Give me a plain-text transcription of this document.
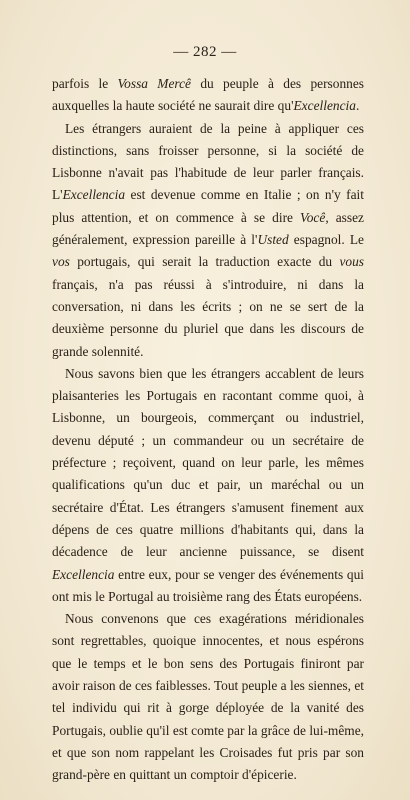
— 282 —

parfois le Vossa Mercê du peuple à des personnes auxquelles la haute société ne saurait dire qu'Excellencia.

Les étrangers auraient de la peine à appliquer ces distinctions, sans froisser personne, si la société de Lisbonne n'avait pas l'habitude de leur parler français. L'Excellencia est devenue comme en Italie ; on n'y fait plus attention, et on commence à se dire Você, assez généralement, expression pareille à l'Usted espagnol. Le vos portugais, qui serait la traduction exacte du vous français, n'a pas réussi à s'introduire, ni dans la conversation, ni dans les écrits ; on ne se sert de la deuxième personne du pluriel que dans les discours de grande solennité.

Nous savons bien que les étrangers accablent de leurs plaisanteries les Portugais en racontant comme quoi, à Lisbonne, un bourgeois, commerçant ou industriel, devenu député ; un commandeur ou un secrétaire de préfecture ; reçoivent, quand on leur parle, les mêmes qualifications qu'un duc et pair, un maréchal ou un secrétaire d'État. Les étrangers s'amusent finement aux dépens de ces quatre millions d'habitants qui, dans la décadence de leur ancienne puissance, se disent Excellencia entre eux, pour se venger des événements qui ont mis le Portugal au troisième rang des États européens.

Nous convenons que ces exagérations méridionales sont regrettables, quoique innocentes, et nous espérons que le temps et le bon sens des Portugais finiront par avoir raison de ces faiblesses. Tout peuple a les siennes, et tel individu qui rit à gorge déployée de la vanité des Portugais, oublie qu'il est comte par la grâce de lui-même, et que son nom rappelant les Croisades fut pris par son grand-père en quittant un comptoir d'épicerie.
